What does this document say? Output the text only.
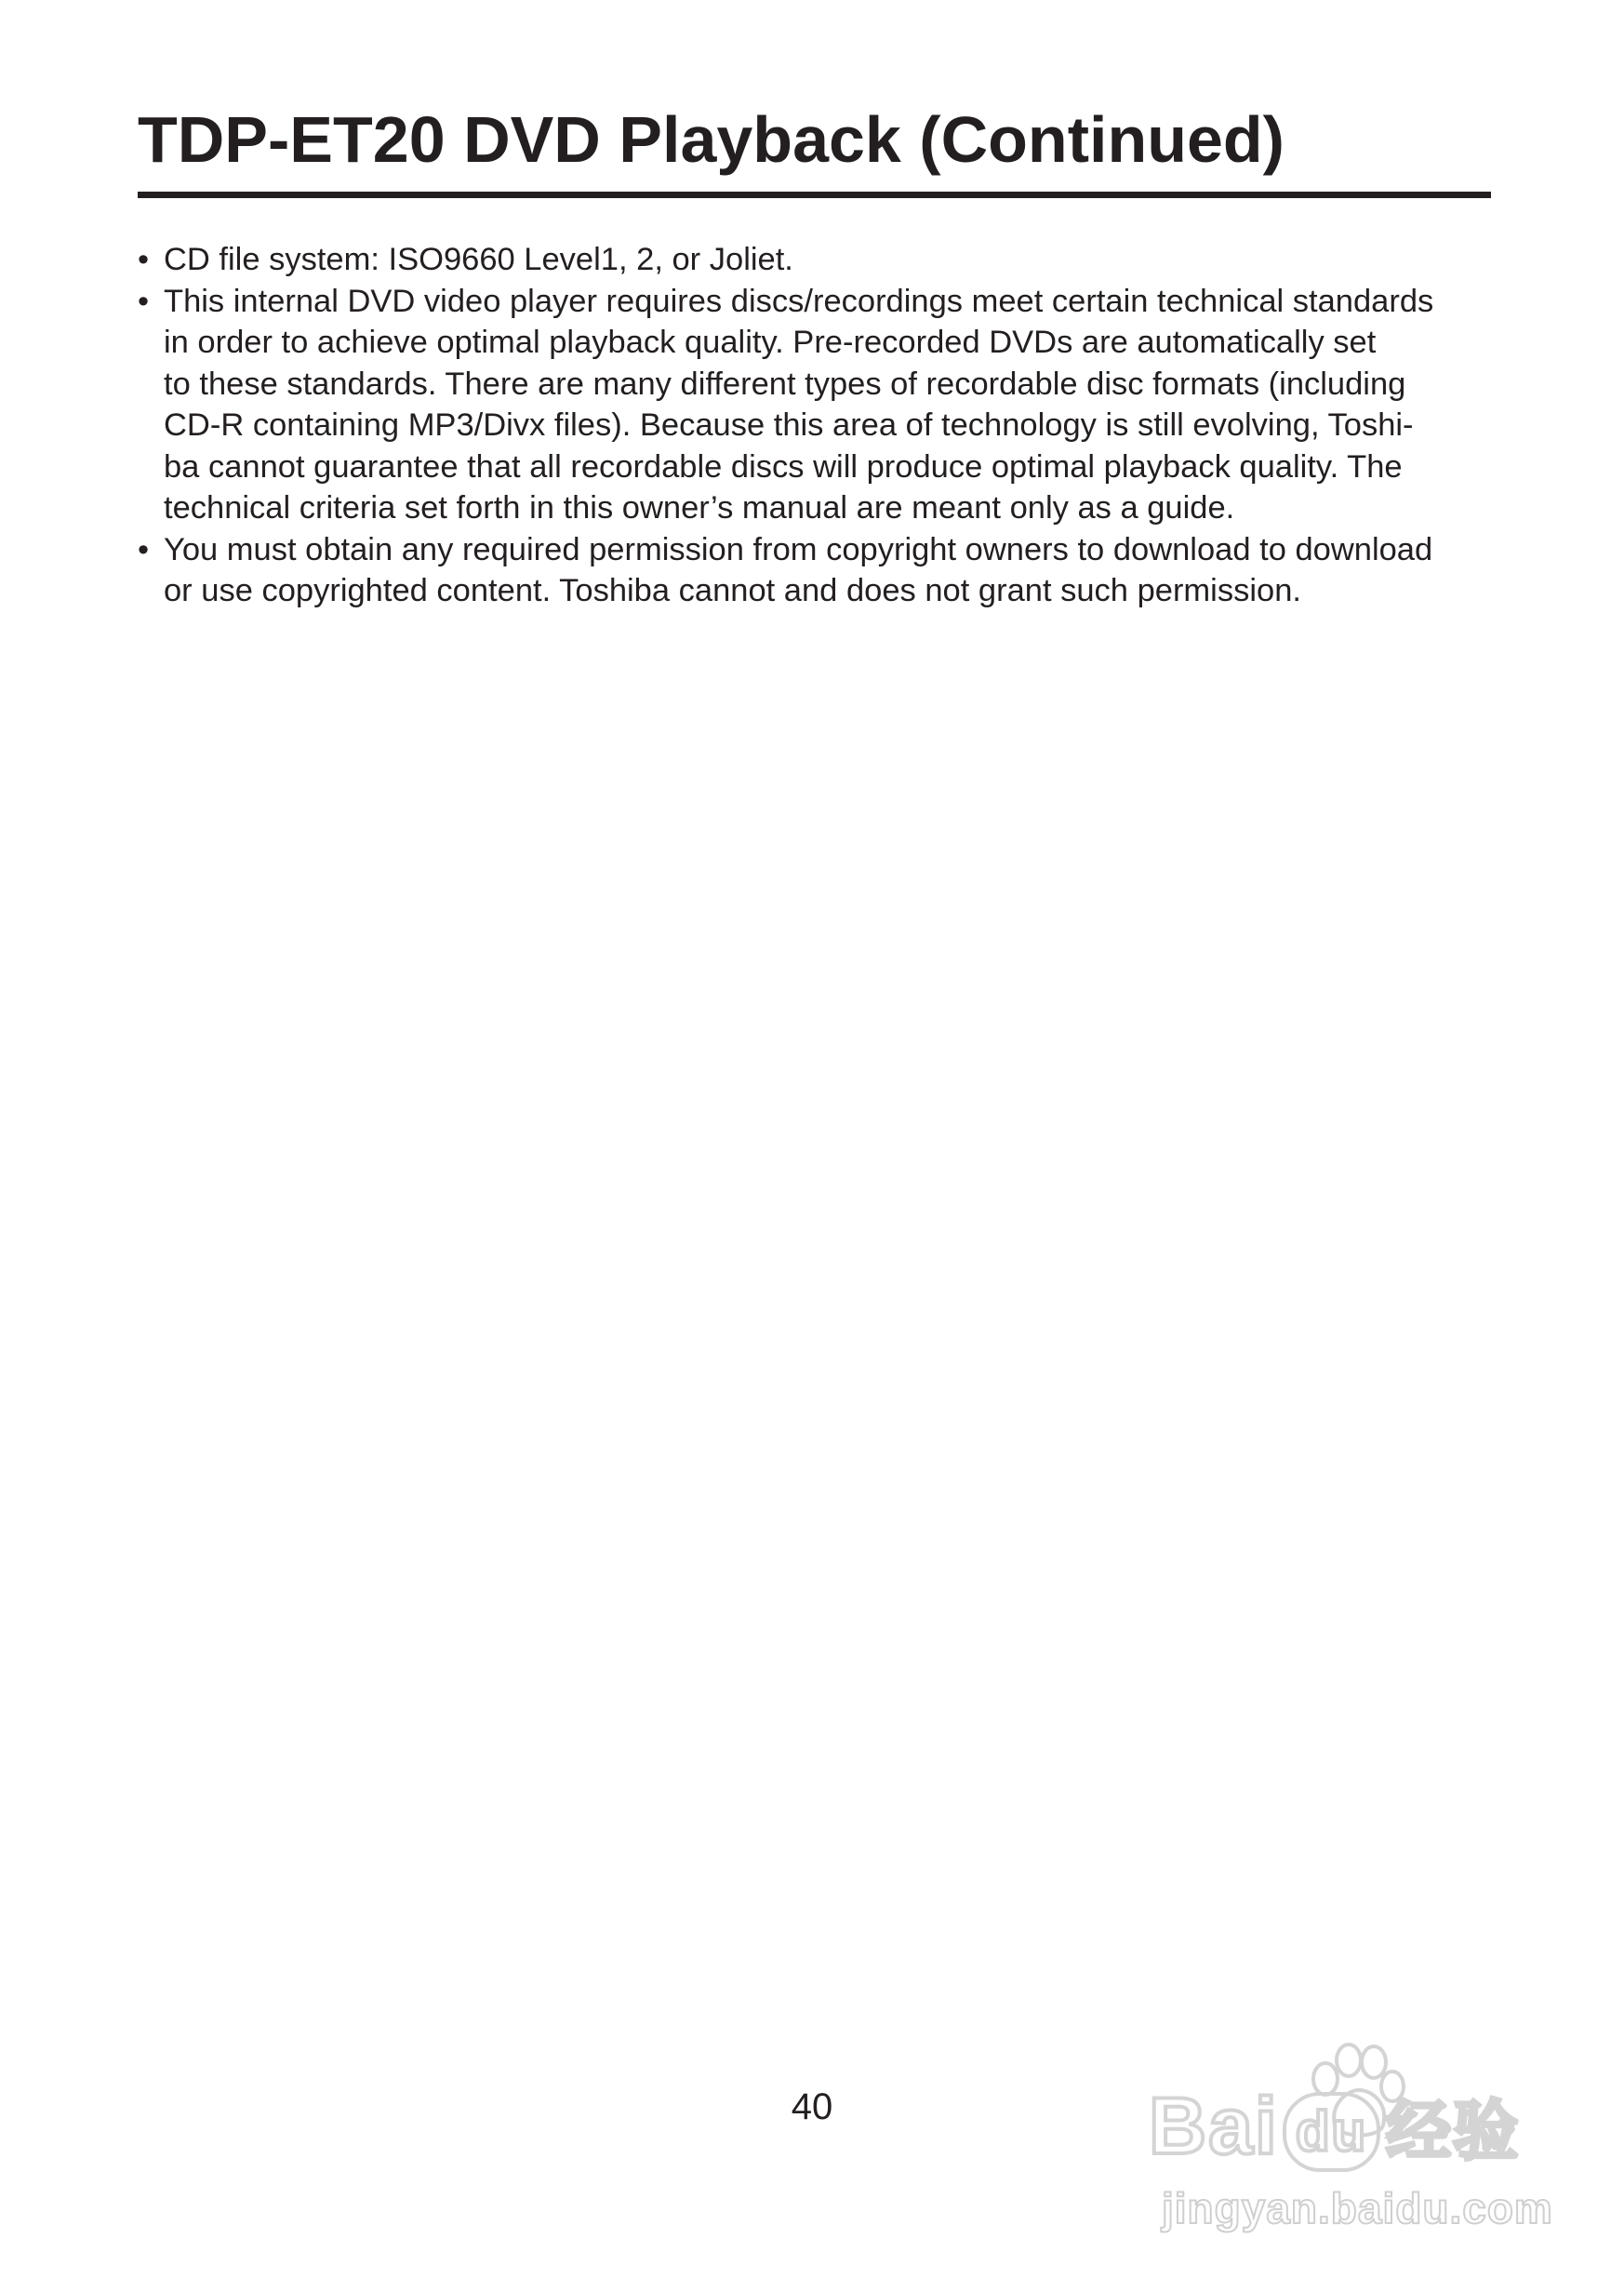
TDP-ET20 DVD Playback (Continued)
• CD file system: ISO9660 Level1, 2, or Joliet.
• This internal DVD video player requires discs/recordings meet certain technical standards
in order to achieve optimal playback quality. Pre-recorded DVDs are automatically set
to these standards. There are many different types of recordable disc formats (including
CD-R containing MP3/Divx files). Because this area of technology is still evolving, Toshi-
ba cannot guarantee that all recordable discs will produce optimal playback quality. The
technical criteria set forth in this owner’s manual are meant only as a guide.
• You must obtain any required permission from copyright owners to download to download
or use copyrighted content. Toshiba cannot and does not grant such permission.
40	Bai du 经验
jingyan.baidu.com
